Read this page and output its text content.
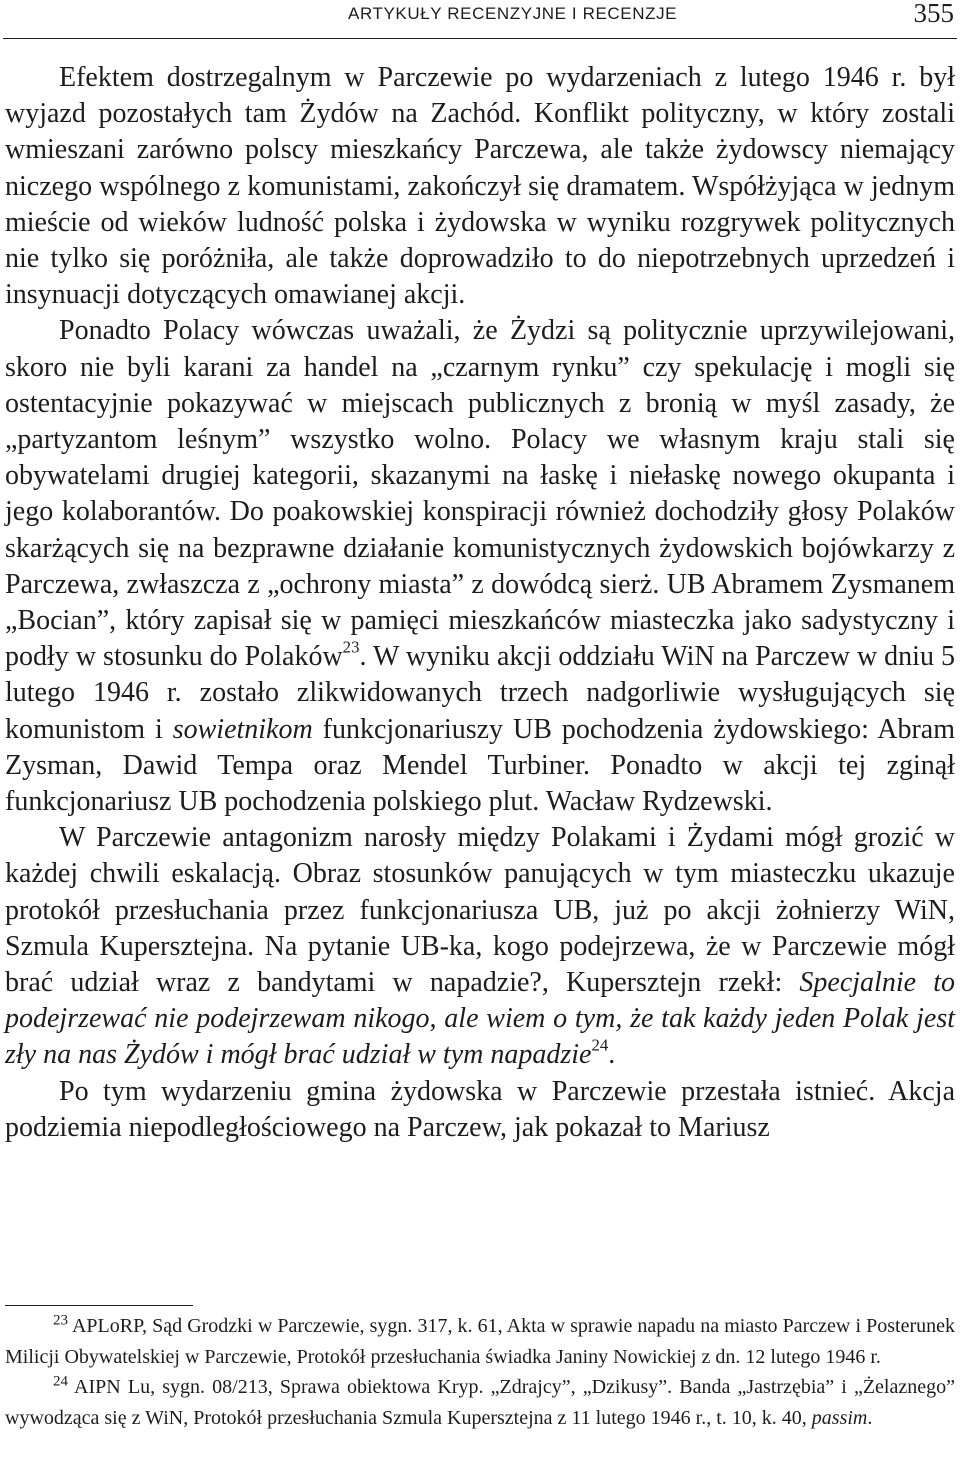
ARTYKUŁY RECENZYJNE I RECENZJE	355

Efektem dostrzegalnym w Parczewie po wydarzeniach z lutego 1946 r. był wyjazd pozostałych tam Żydów na Zachód. Konflikt polityczny, w który zostali wmieszani zarówno polscy mieszkańcy Parczewa, ale także żydowscy niemający niczego wspólnego z komunistami, zakończył się dramatem. Współżyjąca w jednym mieście od wieków ludność polska i żydowska w wyniku rozgrywek politycznych nie tylko się poróżniła, ale także doprowadziło to do niepotrzebnych uprzedzeń i insynuacji dotyczących omawianej akcji.

Ponadto Polacy wówczas uważali, że Żydzi są politycznie uprzywilejowani, skoro nie byli karani za handel na „czarnym rynku” czy spekulację i mogli się ostentacyjnie pokazywać w miejscach publicznych z bronią w myśl zasady, że „partyzantom leśnym” wszystko wolno. Polacy we własnym kraju stali się obywatelami drugiej kategorii, skazanymi na łaskę i niełaskę nowego okupanta i jego kolaborantów. Do poakowskiej konspiracji również dochodziły głosy Polaków skarżących się na bezprawne działanie komunistycznych żydowskich bojówkarzy z Parczewa, zwłaszcza z „ochrony miasta” z dowódcą sierż. UB Abramem Zysmanem „Bocian”, który zapisał się w pamięci mieszkańców miasteczka jako sadystyczny i podły w stosunku do Polaków$^{23}$. W wyniku akcji oddziału WiN na Parczew w dniu 5 lutego 1946 r. zostało zlikwidowanych trzech nadgorliwie wysługujących się komunistom i sowietnikom funkcjonariuszy UB pochodzenia żydowskiego: Abram Zysman, Dawid Tempa oraz Mendel Turbiner. Ponadto w akcji tej zginął funkcjonariusz UB pochodzenia polskiego plut. Wacław Rydzewski.

W Parczewie antagonizm narosły między Polakami i Żydami mógł grozić w każdej chwili eskalacją. Obraz stosunków panujących w tym miasteczku ukazuje protokół przesłuchania przez funkcjonariusza UB, już po akcji żołnierzy WiN, Szmula Kupersztejna. Na pytanie UB-ka, kogo podejrzewa, że w Parczewie mógł brać udział wraz z bandytami w napadzie?, Kupersztejn rzekł: Specjalnie to podejrzewać nie podejrzewam nikogo, ale wiem o tym, że tak każdy jeden Polak jest zły na nas Żydów i mógł brać udział w tym napadzie$^{24}$.

Po tym wydarzeniu gmina żydowska w Parczewie przestała istnieć. Akcja podziemia niepodległościowego na Parczew, jak pokazał to Mariusz

$^{23}$ APLoRP, Sąd Grodzki w Parczewie, sygn. 317, k. 61, Akta w sprawie napadu na miasto Parczew i Posterunek Milicji Obywatelskiej w Parczewie, Protokół przesłuchania świadka Janiny Nowickiej z dn. 12 lutego 1946 r.

$^{24}$ AIPN Lu, sygn. 08/213, Sprawa obiektowa Kryp. „Zdrajcy”, „Dzikusy”. Banda „Jastrzębia” i „Żelaznego” wywodząca się z WiN, Protokół przesłuchania Szmula Kupersztejna z 11 lutego 1946 r., t. 10, k. 40, passim.
